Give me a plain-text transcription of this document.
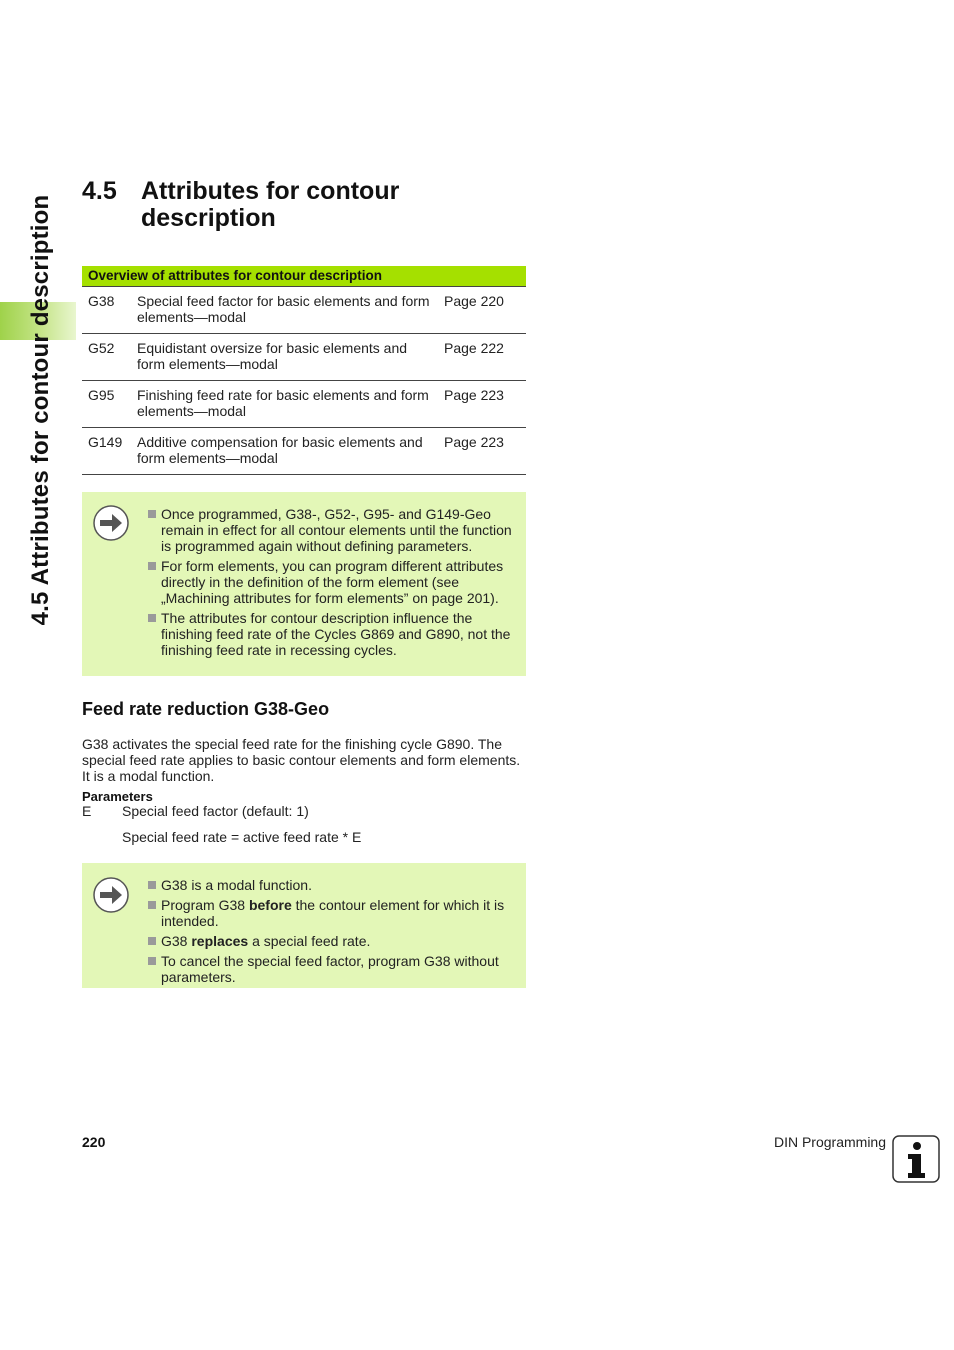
4.5 Attributes for contour description
4.5 Attributes for contour description
Overview of attributes for contour description		
G38	Special feed factor for basic elements and form elements—modal	Page 220
G52	Equidistant oversize for basic elements and form elements—modal	Page 222
G95	Finishing feed rate for basic elements and form elements—modal	Page 223
G149	Additive compensation for basic elements and form elements—modal	Page 223
Once programmed, G38-, G52-, G95- and G149-Geo remain in effect for all contour elements until the function is programmed again without defining parameters.
For form elements, you can program different attributes directly in the definition of the form element (see „Machining attributes for form elements” on page 201).
The attributes for contour description influence the finishing feed rate of the Cycles G869 and G890, not the finishing feed rate in recessing cycles.
Feed rate reduction G38-Geo
G38 activates the special feed rate for the finishing cycle G890. The special feed rate applies to basic contour elements and form elements. It is a modal function.
Parameters
E Special feed factor (default: 1)
Special feed rate = active feed rate * E
G38 is a modal function.
Program G38 before the contour element for which it is intended.
G38 replaces a special feed rate.
To cancel the special feed factor, program G38 without parameters.
220	DIN Programming
